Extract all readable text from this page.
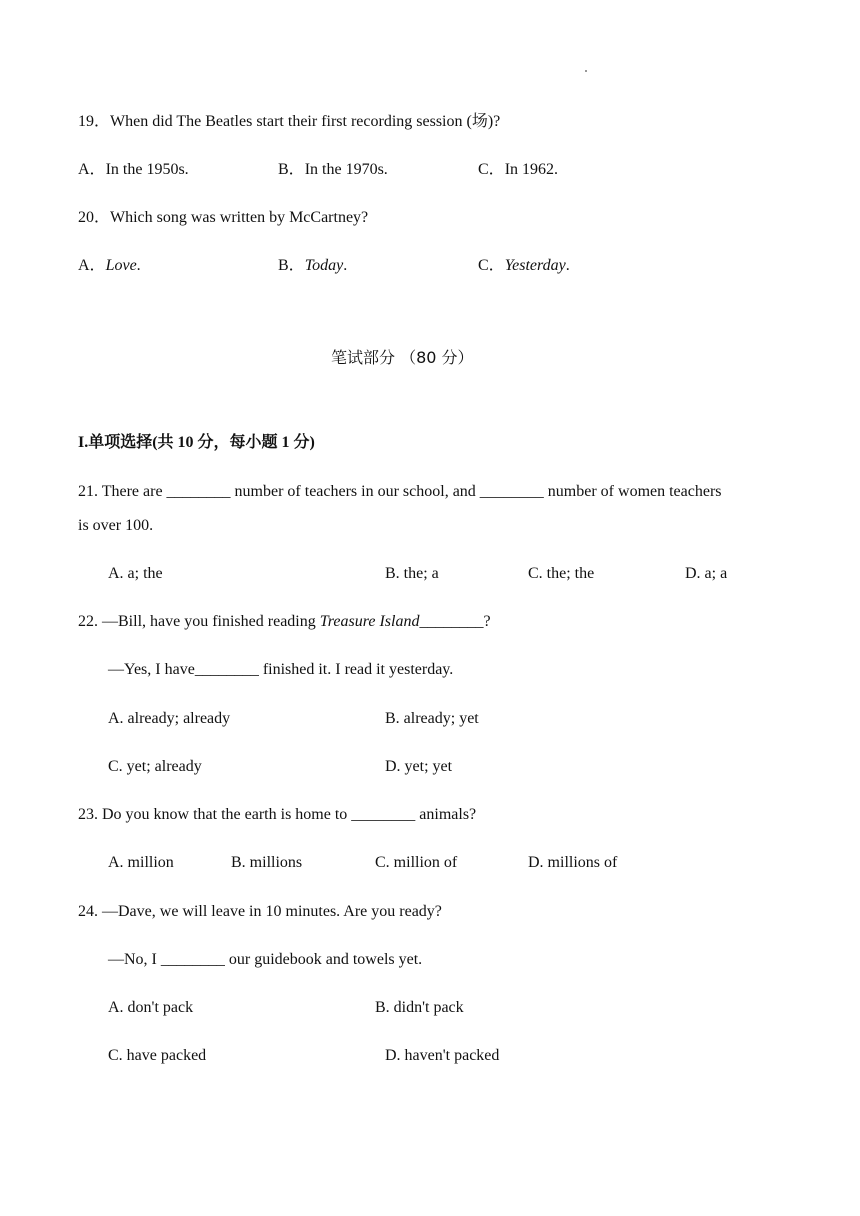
19．When did The Beatles start their first recording session (场)?
A．In the 1950s.	B．In the 1970s.	C．In 1962.
20．Which song was written by McCartney?
A．Love.	B．Today.	C．Yesterday.
笔试部分 （80 分）
I.单项选择(共 10 分，每小题 1 分)
21. There are ________ number of teachers in our school, and ________ number of women teachers
is over 100.
A. a; the	B. the; a	C. the; the	D. a; a
22. —Bill, have you finished reading Treasure Island________?
—Yes, I have________ finished it. I read it yesterday.
A. already; already	B. already; yet
C. yet; already	D. yet; yet
23. Do you know that the earth is home to ________ animals?
A. million	B. millions	C. million of	D. millions of
24. —Dave, we will leave in 10 minutes. Are you ready?
—No, I ________ our guidebook and towels yet.
A. don't pack	B. didn't pack
C. have packed	D. haven't packed
